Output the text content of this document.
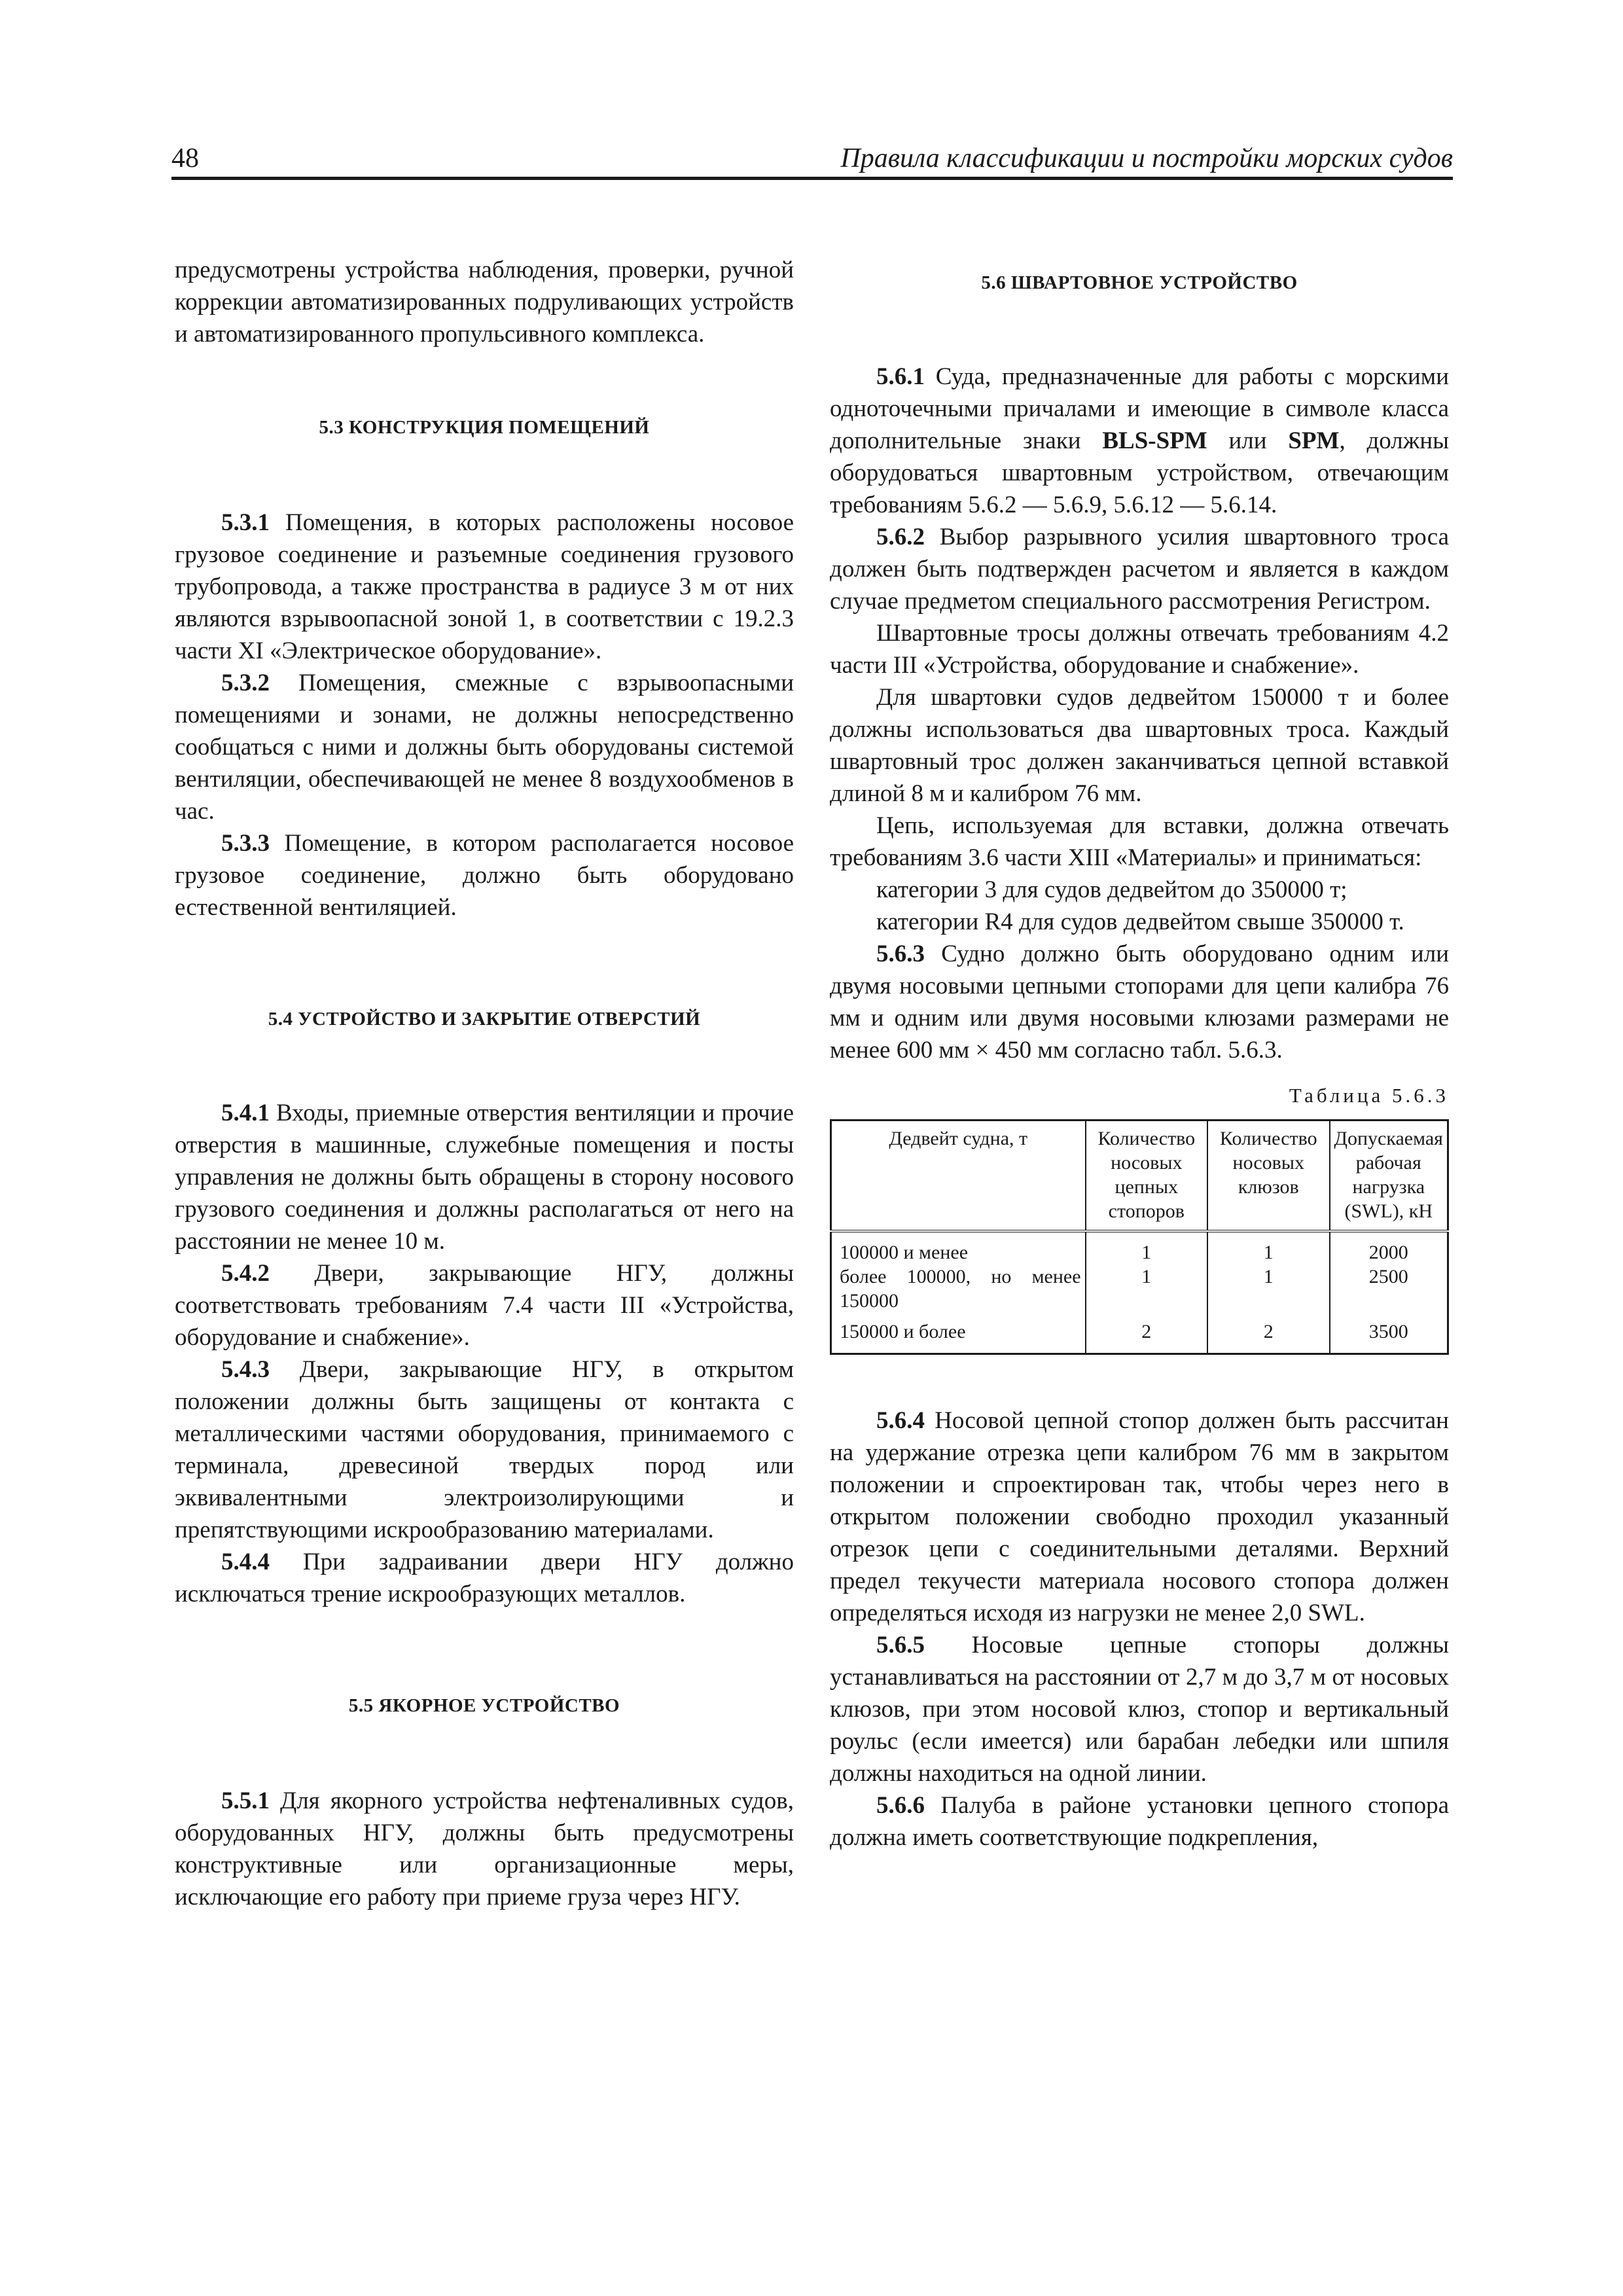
48	Правила классификации и постройки морских судов

предусмотрены устройства наблюдения, проверки, ручной коррекции автоматизированных подруливающих устройств и автоматизированного пропульсивного комплекса.

5.3 КОНСТРУКЦИЯ ПОМЕЩЕНИЙ

5.3.1 Помещения, в которых расположены носовое грузовое соединение и разъемные соединения грузового трубопровода, а также пространства в радиусе 3 м от них являются взрывоопасной зоной 1, в соответствии с 19.2.3 части XI «Электрическое оборудование».

5.3.2 Помещения, смежные с взрывоопасными помещениями и зонами, не должны непосредственно сообщаться с ними и должны быть оборудованы системой вентиляции, обеспечивающей не менее 8 воздухообменов в час.

5.3.3 Помещение, в котором располагается носовое грузовое соединение, должно быть оборудовано естественной вентиляцией.

5.4 УСТРОЙСТВО И ЗАКРЫТИЕ ОТВЕРСТИЙ

5.4.1 Входы, приемные отверстия вентиляции и прочие отверстия в машинные, служебные помещения и посты управления не должны быть обращены в сторону носового грузового соединения и должны располагаться от него на расстоянии не менее 10 м.

5.4.2 Двери, закрывающие НГУ, должны соответствовать требованиям 7.4 части III «Устройства, оборудование и снабжение».

5.4.3 Двери, закрывающие НГУ, в открытом положении должны быть защищены от контакта с металлическими частями оборудования, принимаемого с терминала, древесиной твердых пород или эквивалентными электроизолирующими и препятствующими искрообразованию материалами.

5.4.4 При задраивании двери НГУ должно исключаться трение искрообразующих металлов.

5.5 ЯКОРНОЕ УСТРОЙСТВО

5.5.1 Для якорного устройства нефтеналивных судов, оборудованных НГУ, должны быть предусмотрены конструктивные или организационные меры, исключающие его работу при приеме груза через НГУ.

5.6 ШВАРТОВНОЕ УСТРОЙСТВО

5.6.1 Суда, предназначенные для работы с морскими одноточечными причалами и имеющие в символе класса дополнительные знаки BLS-SPM или SPM, должны оборудоваться швартовным устройством, отвечающим требованиям 5.6.2 — 5.6.9, 5.6.12 — 5.6.14.

5.6.2 Выбор разрывного усилия швартовного троса должен быть подтвержден расчетом и является в каждом случае предметом специального рассмотрения Регистром.

Швартовные тросы должны отвечать требованиям 4.2 части III «Устройства, оборудование и снабжение».

Для швартовки судов дедвейтом 150000 т и более должны использоваться два швартовных троса. Каждый швартовный трос должен заканчиваться цепной вставкой длиной 8 м и калибром 76 мм.

Цепь, используемая для вставки, должна отвечать требованиям 3.6 части XIII «Материалы» и приниматься:

категории 3 для судов дедвейтом до 350000 т;

категории R4 для судов дедвейтом свыше 350000 т.

5.6.3 Судно должно быть оборудовано одним или двумя носовыми цепными стопорами для цепи калибра 76 мм и одним или двумя носовыми клюзами размерами не менее 600 мм × 450 мм согласно табл. 5.6.3.

Таблица 5.6.3
Дедвейт судна, т	Количество носовых цепных стопоров	Количество носовых клюзов	Допускаемая рабочая нагрузка (SWL), кН
100000 и менее	1	1	2000
более 100000, но менее 150000	1	1	2500
150000 и более	2	2	3500

5.6.4 Носовой цепной стопор должен быть рассчитан на удержание отрезка цепи калибром 76 мм в закрытом положении и спроектирован так, чтобы через него в открытом положении свободно проходил указанный отрезок цепи с соединительными деталями. Верхний предел текучести материала носового стопора должен определяться исходя из нагрузки не менее 2,0 SWL.

5.6.5 Носовые цепные стопоры должны устанавливаться на расстоянии от 2,7 м до 3,7 м от носовых клюзов, при этом носовой клюз, стопор и вертикальный роульс (если имеется) или барабан лебедки или шпиля должны находиться на одной линии.

5.6.6 Палуба в районе установки цепного стопора должна иметь соответствующие подкрепления,
